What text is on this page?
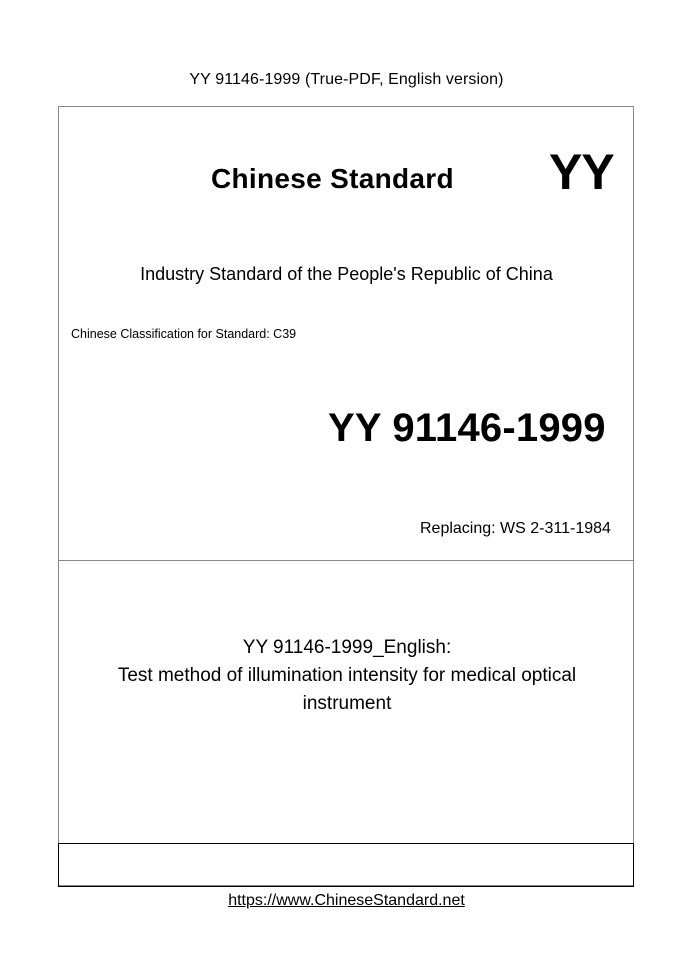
YY 91146-1999 (True-PDF, English version)
Chinese Standard YY
Industry Standard of the People's Republic of China
Chinese Classification for Standard: C39
YY 91146-1999
Replacing: WS 2-311-1984
YY 91146-1999_English:
Test method of illumination intensity for medical optical
instrument
https://www.ChineseStandard.net
